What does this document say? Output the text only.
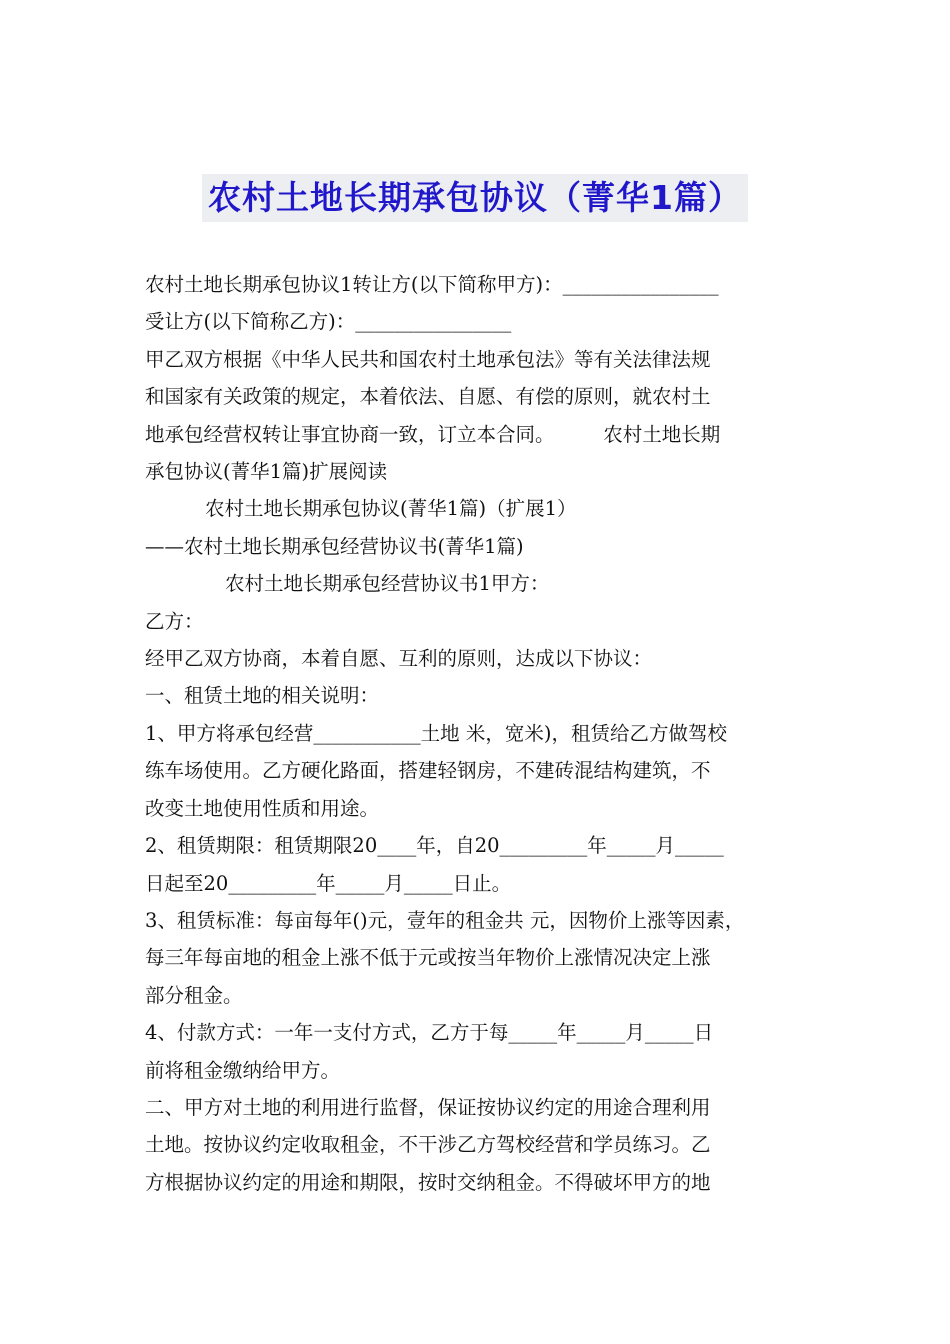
农村土地长期承包协议（菁华1篇）
农村土地长期承包协议1转让方(以下简称甲方)：________________
受让方(以下简称乙方)：________________
甲乙双方根据《中华人民共和国农村土地承包法》等有关法律法规
和国家有关政策的规定，本着依法、自愿、有偿的原则，就农村土
地承包经营权转让事宜协商一致，订立本合同。　　　农村土地长期
承包协议(菁华1篇)扩展阅读
农村土地长期承包协议(菁华1篇)（扩展1）
——农村土地长期承包经营协议书(菁华1篇)
农村土地长期承包经营协议书1甲方：
乙方：
经甲乙双方协商，本着自愿、互利的原则，达成以下协议：
一、租赁土地的相关说明：
1、甲方将承包经营___________土地 米，宽米)，租赁给乙方做驾校
练车场使用。乙方硬化路面，搭建轻钢房，不建砖混结构建筑，不
改变土地使用性质和用途。
2、租赁期限：租赁期限20____年，自20_________年_____月_____
日起至20_________年_____月_____日止。
3、租赁标准：每亩每年()元，壹年的租金共 元，因物价上涨等因素，
每三年每亩地的租金上涨不低于元或按当年物价上涨情况决定上涨
部分租金。
4、付款方式：一年一支付方式，乙方于每_____年_____月_____日
前将租金缴纳给甲方。
二、甲方对土地的利用进行监督，保证按协议约定的用途合理利用
土地。按协议约定收取租金，不干涉乙方驾校经营和学员练习。乙
方根据协议约定的用途和期限，按时交纳租金。不得破坏甲方的地
